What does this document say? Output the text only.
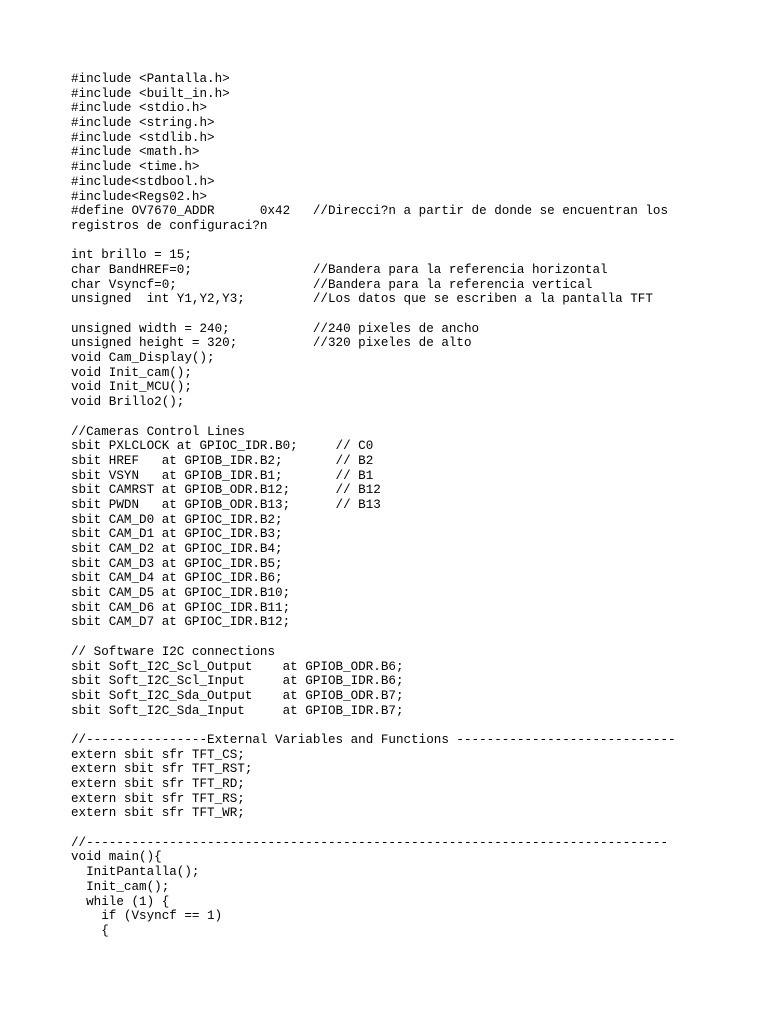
#include <Pantalla.h>
#include <built_in.h>
#include <stdio.h>
#include <string.h>
#include <stdlib.h>
#include <math.h>
#include <time.h>
#include<stdbool.h>
#include<Regs02.h>
#define OV7670_ADDR      0x42   //Direcci?n a partir de donde se encuentran los
registros de configuraci?n
int brillo = 15;
char BandHREF=0;                //Bandera para la referencia horizontal
char Vsyncf=0;                  //Bandera para la referencia vertical
unsigned  int Y1,Y2,Y3;         //Los datos que se escriben a la pantalla TFT
unsigned width = 240;           //240 pixeles de ancho
unsigned height = 320;          //320 pixeles de alto
void Cam_Display();
void Init_cam();
void Init_MCU();
void Brillo2();
//Cameras Control Lines
sbit PXLCLOCK at GPIOC_IDR.B0;     // C0
sbit HREF   at GPIOB_IDR.B2;       // B2
sbit VSYN   at GPIOB_IDR.B1;       // B1
sbit CAMRST at GPIOB_ODR.B12;      // B12
sbit PWDN   at GPIOB_ODR.B13;      // B13
sbit CAM_D0 at GPIOC_IDR.B2;
sbit CAM_D1 at GPIOC_IDR.B3;
sbit CAM_D2 at GPIOC_IDR.B4;
sbit CAM_D3 at GPIOC_IDR.B5;
sbit CAM_D4 at GPIOC_IDR.B6;
sbit CAM_D5 at GPIOC_IDR.B10;
sbit CAM_D6 at GPIOC_IDR.B11;
sbit CAM_D7 at GPIOC_IDR.B12;
// Software I2C connections
sbit Soft_I2C_Scl_Output    at GPIOB_ODR.B6;
sbit Soft_I2C_Scl_Input     at GPIOB_IDR.B6;
sbit Soft_I2C_Sda_Output    at GPIOB_ODR.B7;
sbit Soft_I2C_Sda_Input     at GPIOB_IDR.B7;
//----------------External Variables and Functions -----------------------------
extern sbit sfr TFT_CS;
extern sbit sfr TFT_RST;
extern sbit sfr TFT_RD;
extern sbit sfr TFT_RS;
extern sbit sfr TFT_WR;
//-----------------------------------------------------------------------------
void main(){
InitPantalla();
Init_cam();
while (1) {
if (Vsyncf == 1)
{
